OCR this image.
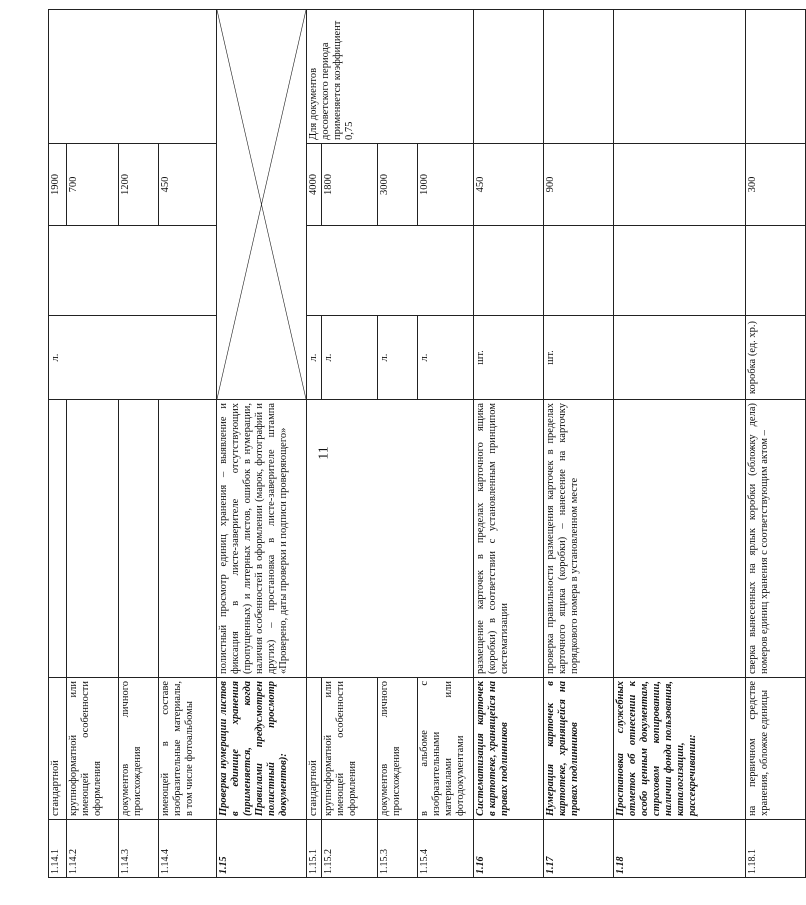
11
1.14.1	стандартной		л.		1900	
1.14.2	крупноформатной или имеющей особенности оформления				700	
1.14.3	документов личного происхождения				1200	
1.14.4	имеющей в составе изобразительные материалы, в том числе фотоальбомы				450	
1.15	Проверка нумерации листов в единице хранения (применяется, когда Правилами предусмотрен полистный просмотр документов):	полистный просмотр единиц хранения – выявление и фиксация в листе-заверителе отсутствующих (пропущенных) и литерных листов, ошибок в нумерации, наличия особенностей в оформлении (марок, фотографий и других) – простановка в листе-заверителе штампа «Проверено, даты проверки и подписи проверяющего»	

1.15.1	стандартной		л.		4000	Для документов досоветского периода применяется коэффициент 0,75
1.15.2	крупноформатной или имеющей особенности оформления		л.		1800	
1.15.3	документов личного происхождения		л.		3000	
1.15.4	в альбоме с изобразительными материалами или фотодокументами		л.		1000	
1.16	Систематизация карточек в картотеке, хранящейся на правах подлинников	размещение карточек в пределах карточного ящика (коробки) в соответствии с установленным принципом систематизации	шт.		450	
1.17	Нумерация карточек в картотеке, хранящейся на правах подлинников	проверка правильности размещения карточек в пределах карточного ящика (коробки) – нанесение на карточку порядкового номера в установленном месте	шт.		900	
1.18	Простановка служебных отметок об отнесении к особо ценным документам, страховом копировании, наличии фонда пользования, каталогизации, рассекречивании:					
1.18.1	на первичном средстве хранения, обложке единицы	сверка вынесенных на ярлык коробки (обложку дела) номеров единиц хранения с соответствующим актом –	коробка (ед. хр.)		300	
